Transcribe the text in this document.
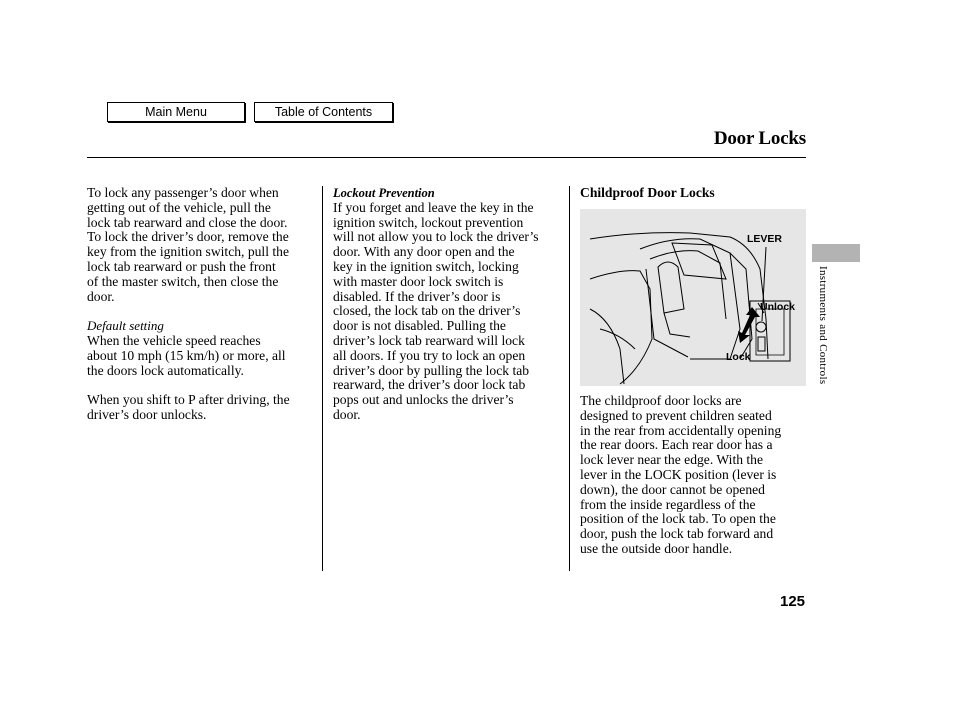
Main Menu	Table of Contents
Door Locks

To lock any passenger’s door when
getting out of the vehicle, pull the
lock tab rearward and close the door.
To lock the driver’s door, remove the
key from the ignition switch, pull the
lock tab rearward or push the front
of the master switch, then close the
door.

Default setting

When the vehicle speed reaches
about 10 mph (15 km/h) or more, all
the doors lock automatically.

When you shift to P after driving, the
driver’s door unlocks.

Lockout Prevention

If you forget and leave the key in the
ignition switch, lockout prevention
will not allow you to lock the driver’s
door. With any door open and the
key in the ignition switch, locking
with master door lock switch is
disabled. If the driver’s door is
closed, the lock tab on the driver’s
door is not disabled. Pulling the
driver’s lock tab rearward will lock
all doors. If you try to lock an open
driver’s door by pulling the lock tab
rearward, the driver’s door lock tab
pops out and unlocks the driver’s
door.

Childproof Door Locks

LEVER
Unlock
Lock

The childproof door locks are
designed to prevent children seated
in the rear from accidentally opening
the rear doors. Each rear door has a
lock lever near the edge. With the
lever in the LOCK position (lever is
down), the door cannot be opened
from the inside regardless of the
position of the lock tab. To open the
door, push the lock tab forward and
use the outside door handle.

Instruments and Controls
125
